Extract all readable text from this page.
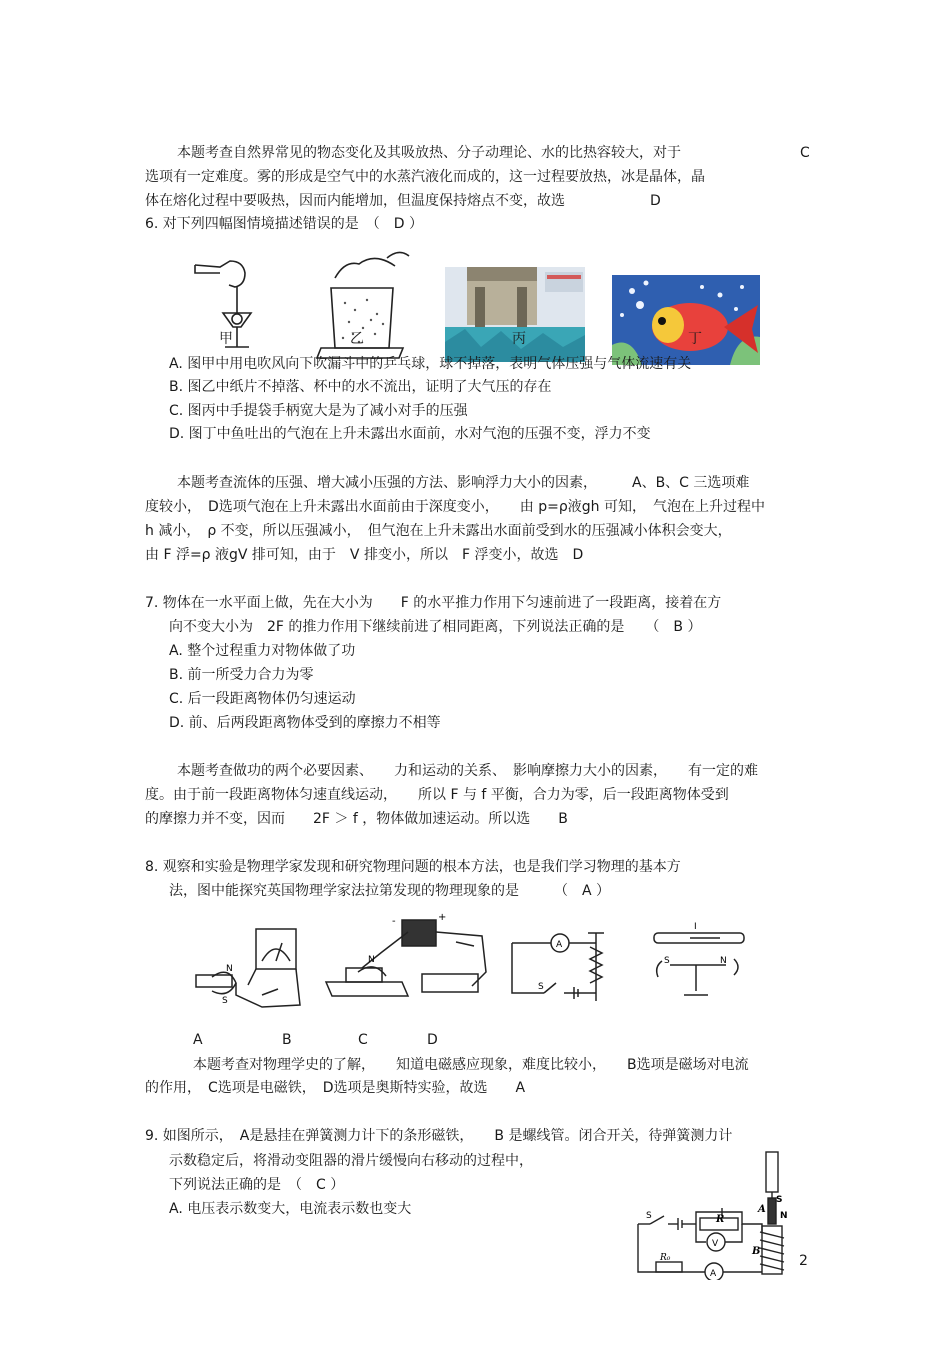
本题考查自然界常见的物态变化及其吸放热、分子动理论、水的比热容较大，对于	C
选项有一定难度。雾的形成是空气中的水蒸汽液化而成的，这一过程要放热，冰是晶体，晶
体在熔化过程中要吸热，因而内能增加，但温度保持熔点不变，故选	D
6. 对下列四幅图情境描述错误的是　（　D ）
甲	乙	丙	丁
A. 图甲中用电吹风向下吹漏斗中的乒乓球，球不掉落，表明气体压强与气体流速有关
B. 图乙中纸片不掉落、杯中的水不流出，证明了大气压的存在
C. 图丙中手提袋手柄宽大是为了减小对手的压强
D. 图丁中鱼吐出的气泡在上升未露出水面前，水对气泡的压强不变，浮力不变
本题考查流体的压强、增大减小压强的方法、影响浮力大小的因素，　　　A、B、C 三选项难
度较小，　D选项气泡在上升未露出水面前由于深度变小，　　由 p=ρ液gh 可知，　气泡在上升过程中
h 减小，　ρ 不变，所以压强减小，　但气泡在上升未露出水面前受到水的压强减小体积会变大，
由 F 浮=ρ 液gV 排可知，由于　V 排变小，所以　F 浮变小，故选　D
7. 物体在一水平面上做，先在大小为　　F 的水平推力作用下匀速前进了一段距离，接着在方
向不变大小为　2F 的推力作用下继续前进了相同距离，下列说法正确的是　　（　B ）
A. 整个过程重力对物体做了功
B. 前一所受力合力为零
C. 后一段距离物体仍匀速运动
D. 前、后两段距离物体受到的摩擦力不相等
本题考查做功的两个必要因素、　　力和运动的关系、　影响摩擦力大小的因素，　　有一定的难
度。由于前一段距离物体匀速直线运动，　　所以 F 与 f 平衡，合力为零，后一段距离物体受到
的摩擦力并不变，因而　　2F ＞ f ，物体做加速运动。所以选　　B
8. 观察和实验是物理学家发现和研究物理问题的根本方法，也是我们学习物理的基本方
法，图中能探究英国物理学家法拉第发现的物理现象的是　　　（　A ）
N
S
N
-	+
A
S
I
S	N
A	B	C	D
本题考查对物理学史的了解，　　知道电磁感应现象，难度比较小，　　B选项是磁场对电流
的作用，　C选项是电磁铁，　D选项是奥斯特实验，故选　　A
9. 如图所示，　A是悬挂在弹簧测力计下的条形磁铁，　　B 是螺线管。闭合开关，待弹簧测力计
示数稳定后，将滑动变阻器的滑片缓慢向右移动的过程中，
下列说法正确的是　（　C ）
A. 电压表示数变大，电流表示数也变大
S
N
A
B
S	R
V
R₀
A
2
